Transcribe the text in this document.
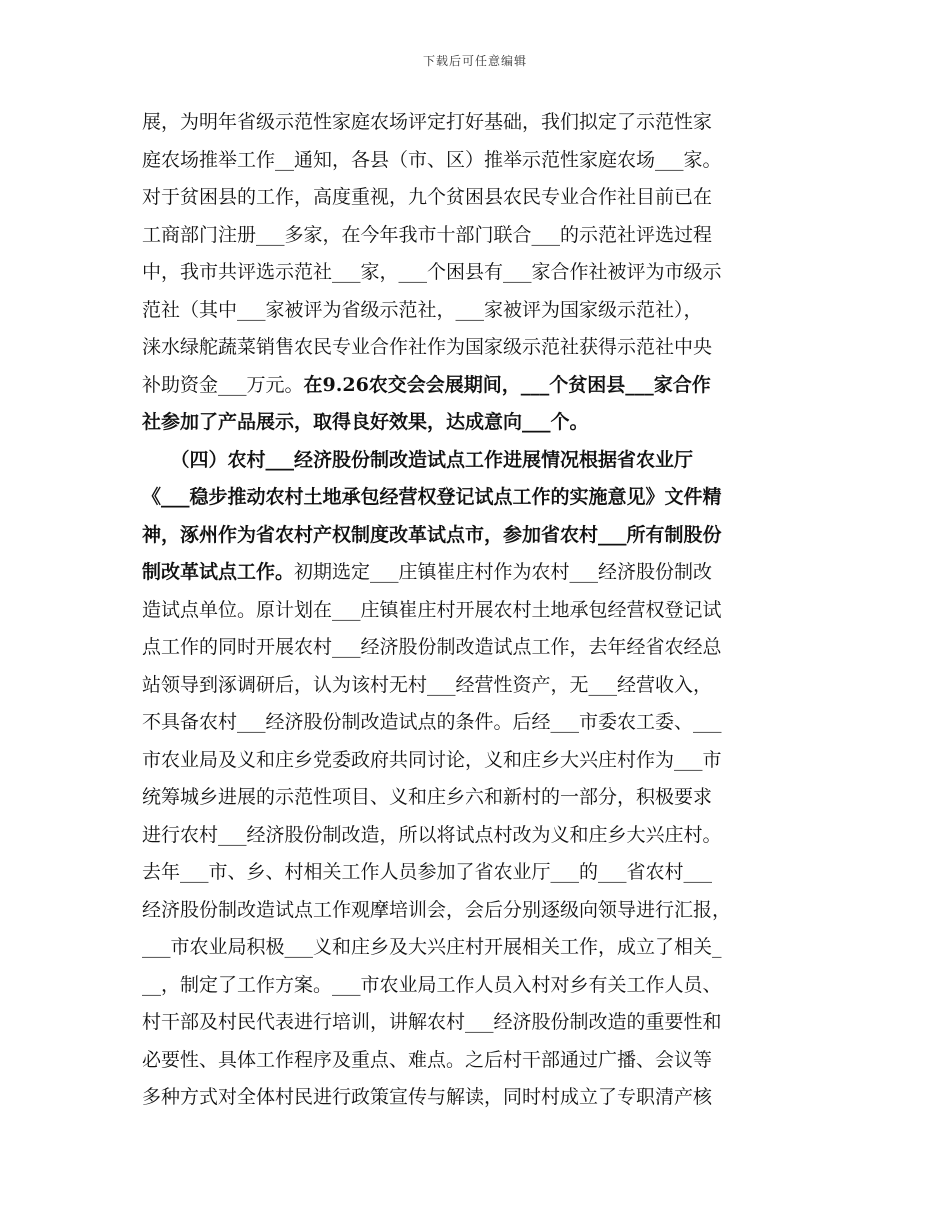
下载后可任意编辑
展，为明年省级示范性家庭农场评定打好基础，我们拟定了示范性家
庭农场推举工作__通知，各县（市、区）推举示范性家庭农场___家。
对于贫困县的工作，高度重视，九个贫困县农民专业合作社目前已在
工商部门注册___多家，在今年我市十部门联合___的示范社评选过程
中，我市共评选示范社___家，___个困县有___家合作社被评为市级示
范社（其中___家被评为省级示范社，___家被评为国家级示范社），
涞水绿舵蔬菜销售农民专业合作社作为国家级示范社获得示范社中央
补助资金___万元。在9.26农交会会展期间，___个贫困县___家合作
社参加了产品展示，取得良好效果，达成意向___个。
　　（四）农村___经济股份制改造试点工作进展情况根据省农业厅
《___稳步推动农村土地承包经营权登记试点工作的实施意见》文件精
神，涿州作为省农村产权制度改革试点市，参加省农村___所有制股份
制改革试点工作。初期选定___庄镇崔庄村作为农村___经济股份制改
造试点单位。原计划在___庄镇崔庄村开展农村土地承包经营权登记试
点工作的同时开展农村___经济股份制改造试点工作，去年经省农经总
站领导到涿调研后，认为该村无村___经营性资产，无___经营收入，
不具备农村___经济股份制改造试点的条件。后经___市委农工委、___
市农业局及义和庄乡党委政府共同讨论，义和庄乡大兴庄村作为___市
统筹城乡进展的示范性项目、义和庄乡六和新村的一部分，积极要求
进行农村___经济股份制改造，所以将试点村改为义和庄乡大兴庄村。
去年___市、乡、村相关工作人员参加了省农业厅___的___省农村___
经济股份制改造试点工作观摩培训会，会后分别逐级向领导进行汇报，
___市农业局积极___义和庄乡及大兴庄村开展相关工作，成立了相关_
__，制定了工作方案。___市农业局工作人员入村对乡有关工作人员、
村干部及村民代表进行培训，讲解农村___经济股份制改造的重要性和
必要性、具体工作程序及重点、难点。之后村干部通过广播、会议等
多种方式对全体村民进行政策宣传与解读，同时村成立了专职清产核
